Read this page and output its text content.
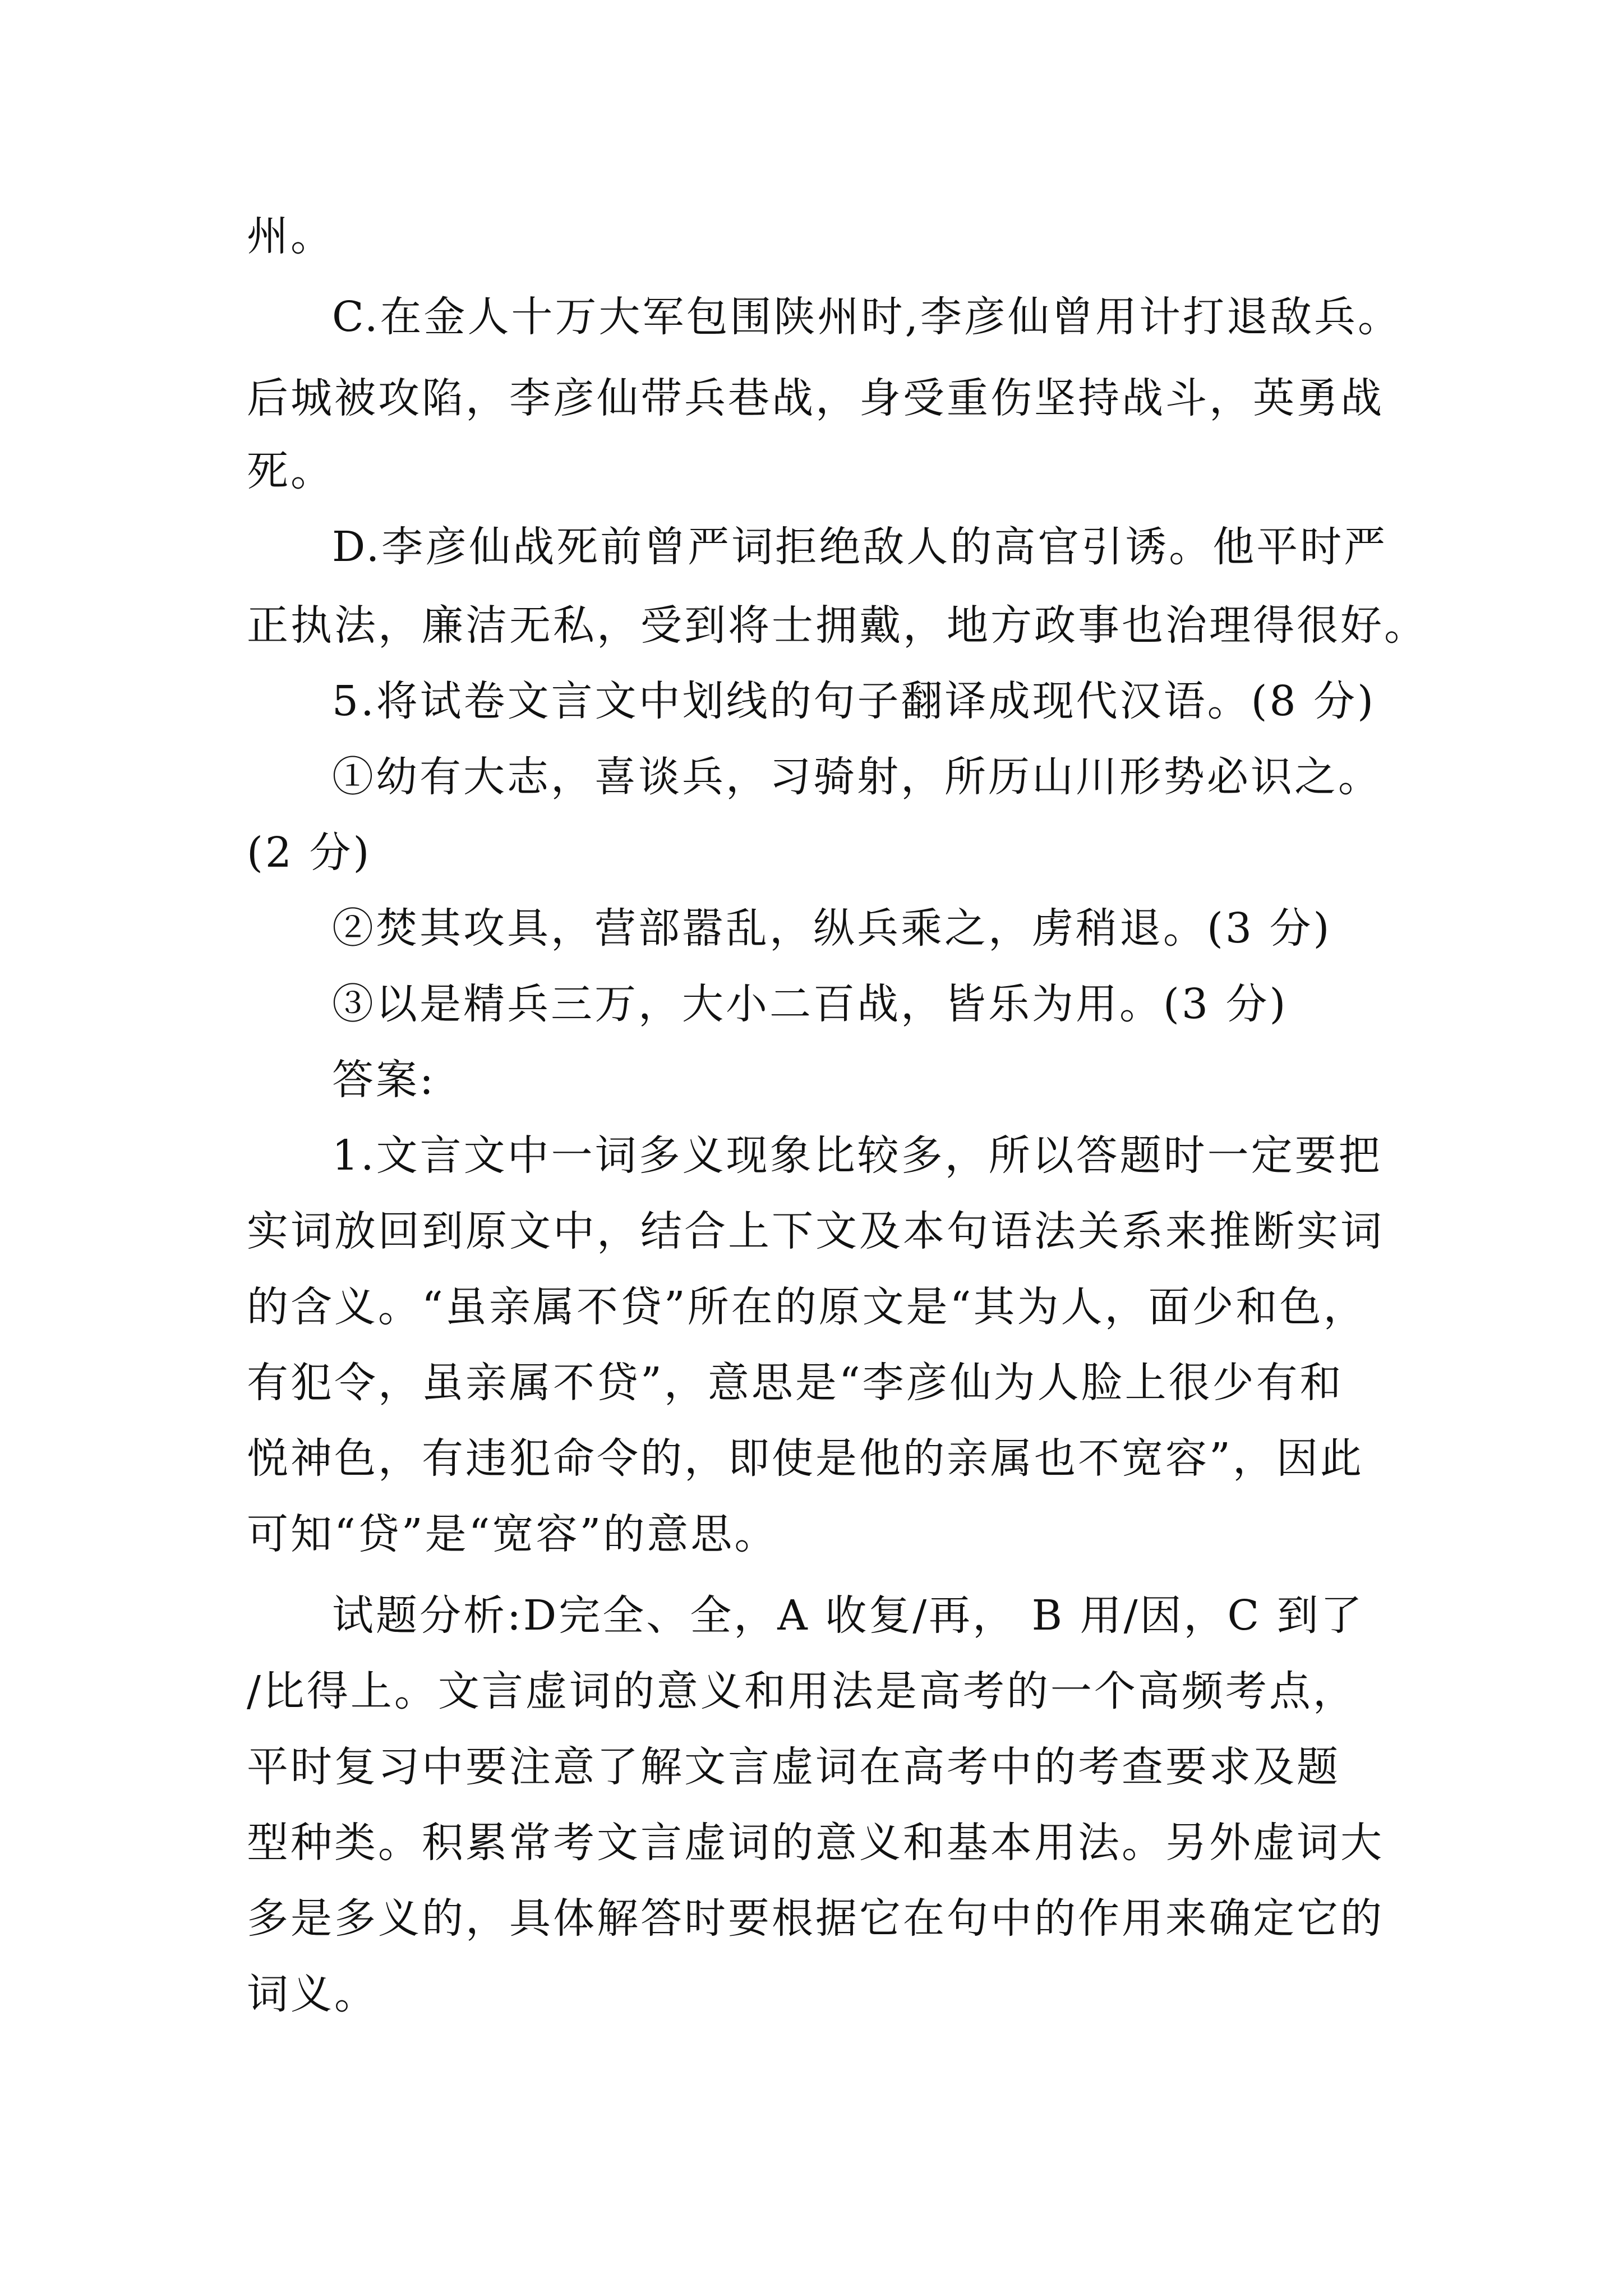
州。
C.在金人十万大军包围陕州时,李彦仙曾用计打退敌兵。
后城被攻陷，李彦仙带兵巷战，身受重伤坚持战斗，英勇战
死。
D.李彦仙战死前曾严词拒绝敌人的高官引诱。他平时严
正执法，廉洁无私，受到将士拥戴，地方政事也治理得很好。
5.将试卷文言文中划线的句子翻译成现代汉语。(8 分)
①幼有大志，喜谈兵，习骑射，所历山川形势必识之。
(2 分)
②焚其攻具，营部嚣乱，纵兵乘之，虏稍退。(3 分)
③以是精兵三万，大小二百战，皆乐为用。(3 分)
答案:
1.文言文中一词多义现象比较多，所以答题时一定要把
实词放回到原文中，结合上下文及本句语法关系来推断实词
的含义。“虽亲属不贷”所在的原文是“其为人，面少和色，
有犯令，虽亲属不贷”，意思是“李彦仙为人脸上很少有和
悦神色，有违犯命令的，即使是他的亲属也不宽容”，因此
可知“贷”是“宽容”的意思。
试题分析:D完全、全，A 收复/再， B 用/因，C 到了
/比得上。文言虚词的意义和用法是高考的一个高频考点，
平时复习中要注意了解文言虚词在高考中的考查要求及题
型种类。积累常考文言虚词的意义和基本用法。另外虚词大
多是多义的，具体解答时要根据它在句中的作用来确定它的
词义。
